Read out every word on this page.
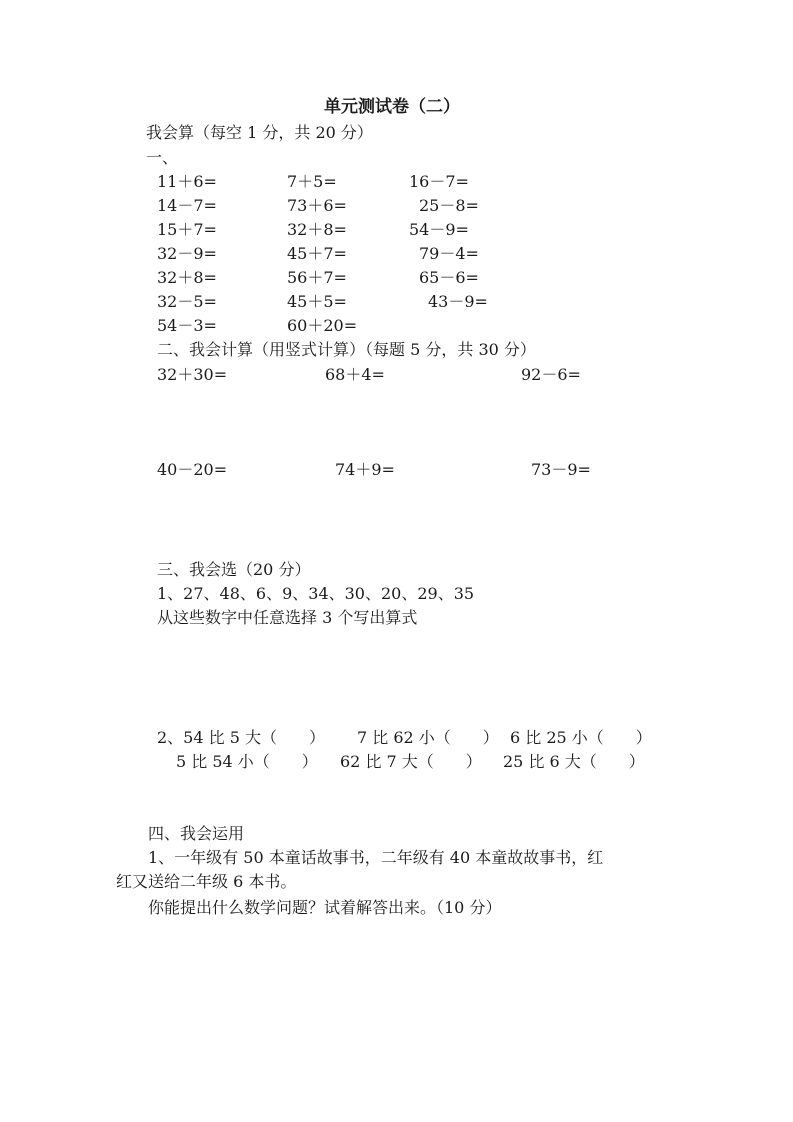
单元测试卷（二）
我会算（每空 1 分，共 20 分）
一、
11＋6=	7＋5=	16－7=
14－7=	73＋6=	25－8=
15＋7=	32＋8=	54－9=
32－9=	45＋7=	79－4=
32＋8=	56＋7=	65－6=
32－5=	45＋5=	43－9=
54－3=	60＋20=
二、我会计算（用竖式计算）（每题 5 分，共 30 分）
32＋30=	68＋4=	92－6=
40－20=	74＋9=	73－9=
三、我会选（20 分）
1、27、48、6、9、34、30、20、29、35
从这些数字中任意选择 3 个写出算式
2、54 比 5 大（　　） 7 比 62 小（　　） 6 比 25 小（　　）
5 比 54 小（　　） 62 比 7 大（　　） 25 比 6 大（　　）
四、我会运用
1、一年级有 50 本童话故事书，二年级有 40 本童故故事书，红
红又送给二年级 6 本书。
你能提出什么数学问题？试着解答出来。（10 分）
